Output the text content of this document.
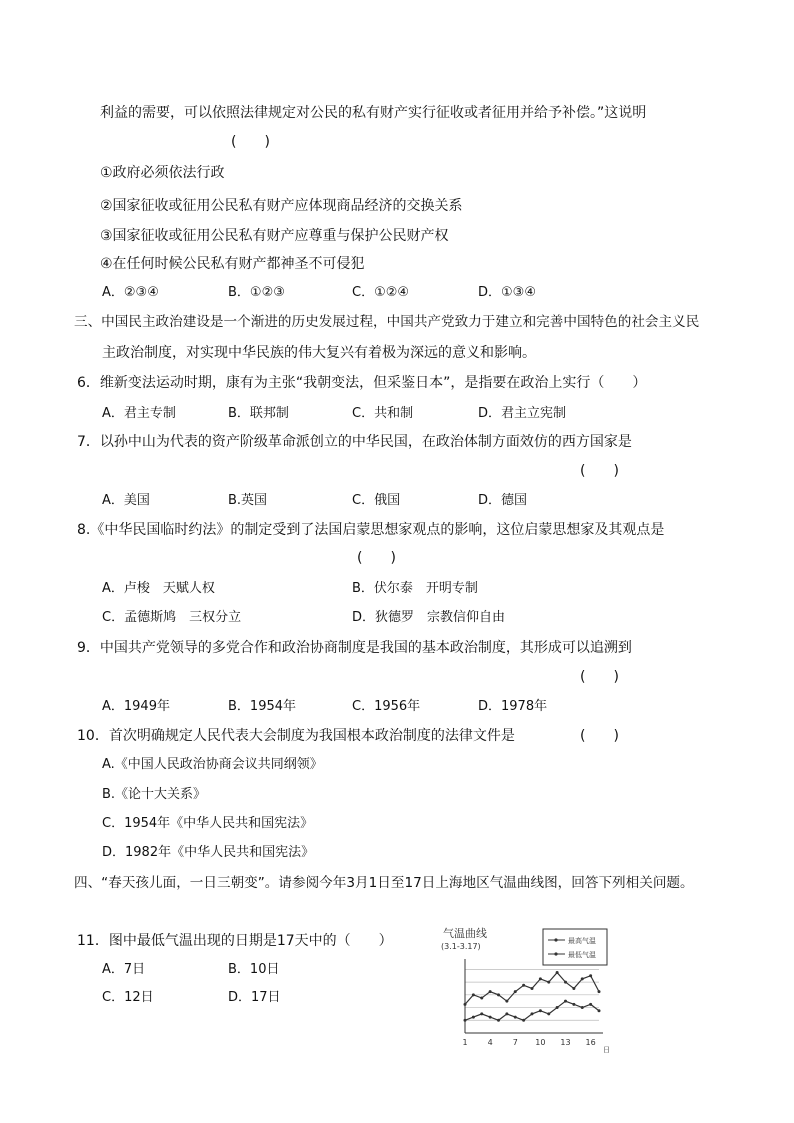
利益的需要，可以依照法律规定对公民的私有财产实行征收或者征用并给予补偿。”这说明
(　　)
①政府必须依法行政
②国家征收或征用公民私有财产应体现商品经济的交换关系
③国家征收或征用公民私有财产应尊重与保护公民财产权
④在任何时候公民私有财产都神圣不可侵犯
A．②③④	B．①②③	C．①②④	D．①③④
三、中国民主政治建设是一个渐进的历史发展过程，中国共产党致力于建立和完善中国特色的社会主义民
主政治制度，对实现中华民族的伟大复兴有着极为深远的意义和影响。
6．维新变法运动时期，康有为主张“我朝变法，但采鉴日本”，是指要在政治上实行（　　）
A．君主专制	B．联邦制	C．共和制	D．君主立宪制
7．以孙中山为代表的资产阶级革命派创立的中华民国，在政治体制方面效仿的西方国家是
(　　)
A．美国	B.英国	C．俄国	D．德国
8.《中华民国临时约法》的制定受到了法国启蒙思想家观点的影响，这位启蒙思想家及其观点是
(　　)
A．卢梭　天赋人权	B．伏尔泰　开明专制
C．孟德斯鸠　三权分立	D．狄德罗　宗教信仰自由
9．中国共产党领导的多党合作和政治协商制度是我国的基本政治制度，其形成可以追溯到
(　　)
A．1949年	B．1954年	C．1956年	D．1978年
10．首次明确规定人民代表大会制度为我国根本政治制度的法律文件是	(　　)
A.《中国人民政治协商会议共同纲领》
B.《论十大关系》
C．1954年《中华人民共和国宪法》
D．1982年《中华人民共和国宪法》
四、“春天孩儿面，一日三朝变”。请参阅今年3月1日至17日上海地区气温曲线图，回答下列相关问题。
11．图中最低气温出现的日期是17天中的（　　）
A．7日	B．10日
C．12日	D．17日
气温曲线
(3.1-3.17)
最高气温
最低气温
1	4	7 10 13 16
日
